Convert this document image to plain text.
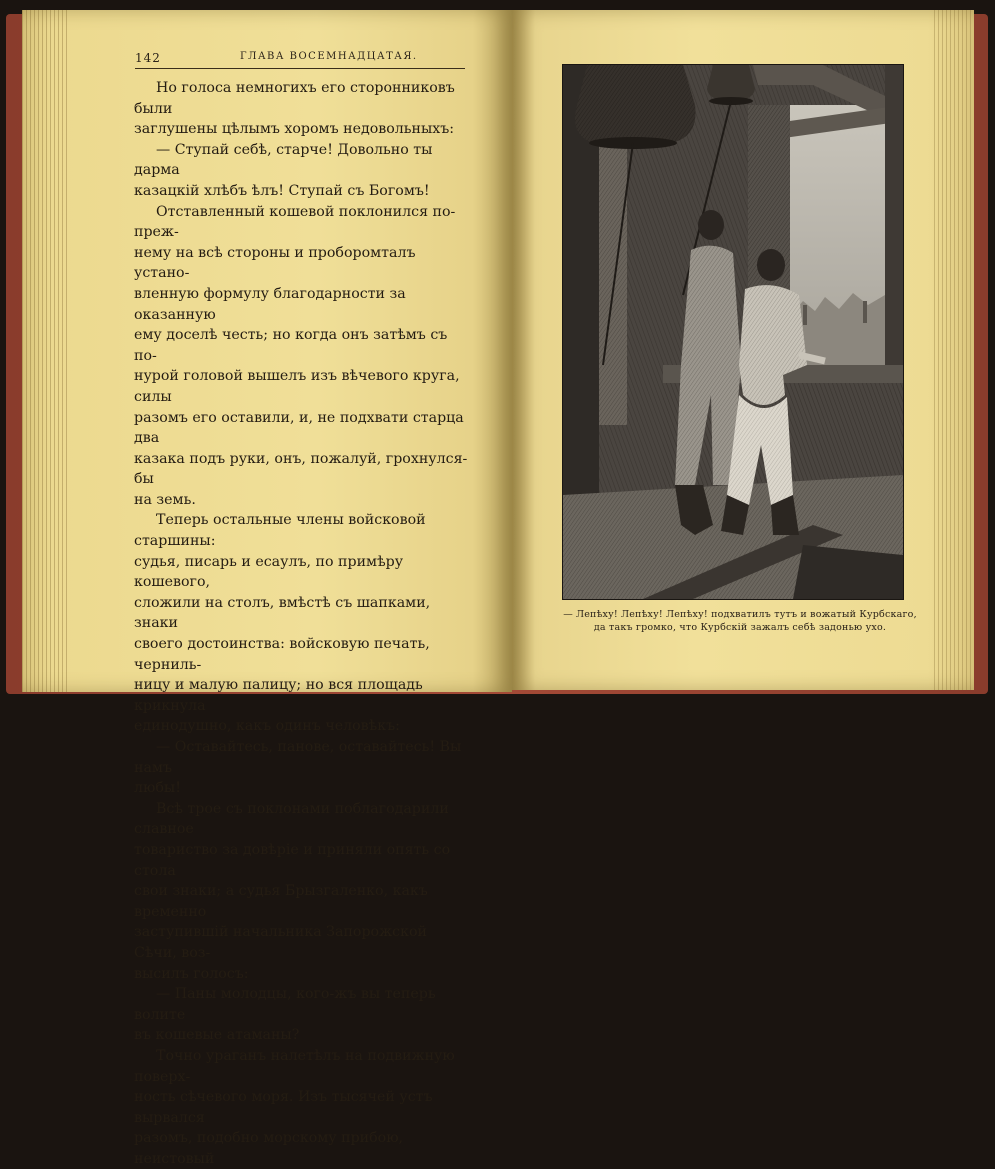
142	ГЛАВА ВОСЕМНАДЦАТАЯ.

Но голоса немногихъ его сторонниковъ были

заглушены цѣлымъ хоромъ недовольныхъ:

— Ступай себѣ, старче! Довольно ты дарма

казацкій хлѣбъ ѣлъ! Ступай съ Богомъ!

Отставленный кошевой поклонился по-преж-

нему на всѣ стороны и проборомталъ устано-

вленную формулу благодарности за оказанную

ему доселѣ честь; но когда онъ затѣмъ съ по-

нурой головой вышелъ изъ вѣчевого круга, силы

разомъ его оставили, и, не подхвати старца два

казака подъ руки, онъ, пожалуй, грохнулся-бы

на земь.

Теперь остальные члены войсковой старшины:

судья, писарь и есаулъ, по примѣру кошевого,

сложили на столъ, вмѣстѣ съ шапками, знаки

своего достоинства: войсковую печать, черниль-

ницу и малую палицу; но вся площадь крикнула

единодушно, какъ одинъ человѣкъ:

— Оставайтесь, панове, оставайтесь! Вы намъ

любы!

Всѣ трое съ поклонами поблагодарили славное

товариство за довѣріе и приняли опять со стола

свои знаки; а судья Брызгаленко, какъ временно

заступившій начальника Запорожской Сѣчи, воз-

высилъ голосъ:

— Паны молодцы, кого-жъ вы теперь волите

въ кошевые атаманы?

Точно ураганъ налетѣлъ на подвижную поверх-

ность сѣчевого моря. Изъ тысячей устъ вырвался

разомъ, подобно морскому прибою, неистовый

— Лепѣху! Лепѣху! Лепѣху! подхватилъ тутъ и вожатый Курбскаго,
да такъ громко, что Курбскій зажалъ себѣ задонью ухо.
